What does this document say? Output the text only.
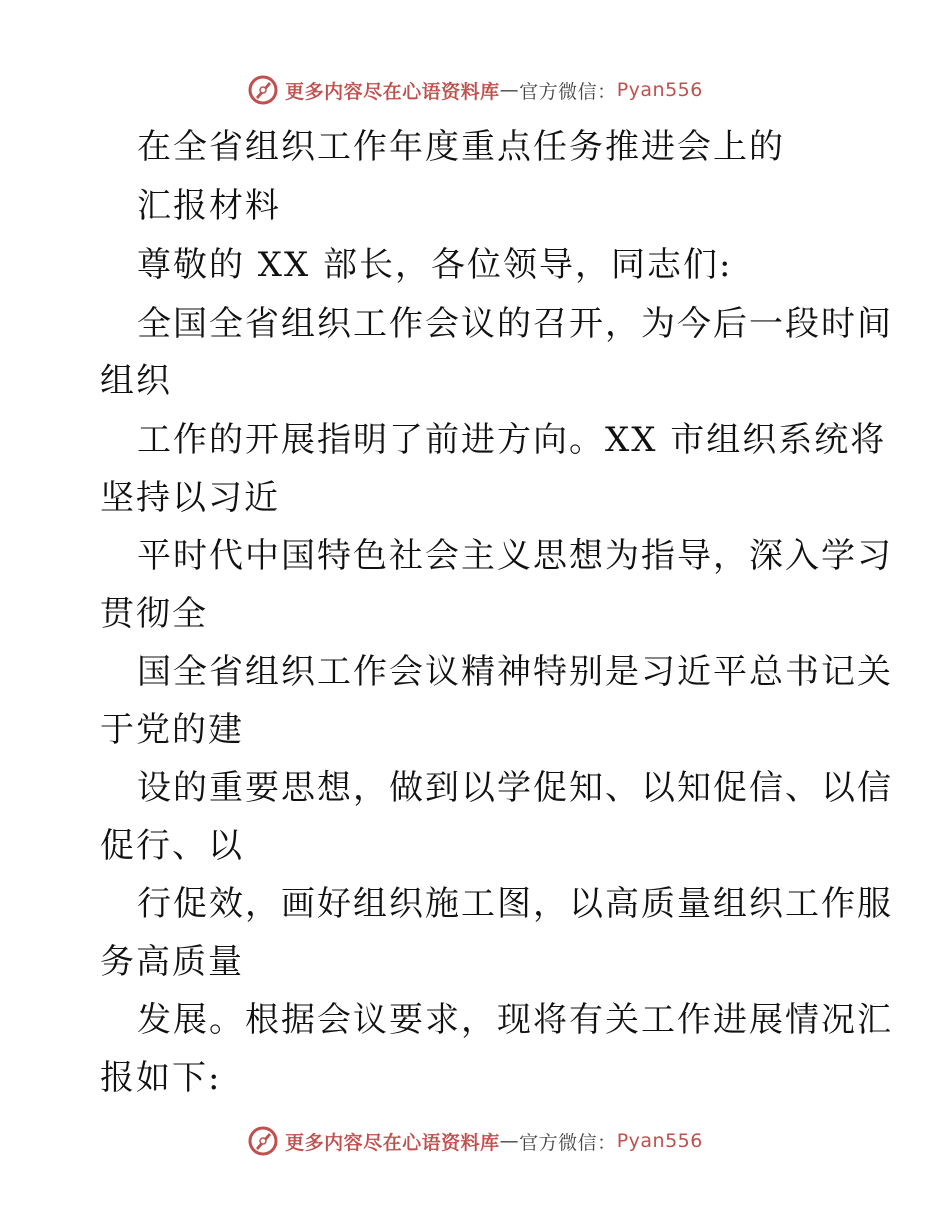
更多内容尽在心语资料库 — 官方微信： Pyan556
在全省组织工作年度重点任务推进会上的
汇报材料
尊敬的 XX 部长，各位领导，同志们:
全国全省组织工作会议的召开，为今后一段时间
组织
工作的开展指明了前进方向。XX 市组织系统将
坚持以习近
平时代中国特色社会主义思想为指导，深入学习
贯彻全
国全省组织工作会议精神特别是习近平总书记关
于党的建
设的重要思想，做到以学促知、以知促信、以信
促行、以
行促效，画好组织施工图，以高质量组织工作服
务高质量
发展。根据会议要求，现将有关工作进展情况汇
报如下:
更多内容尽在心语资料库 — 官方微信： Pyan556
